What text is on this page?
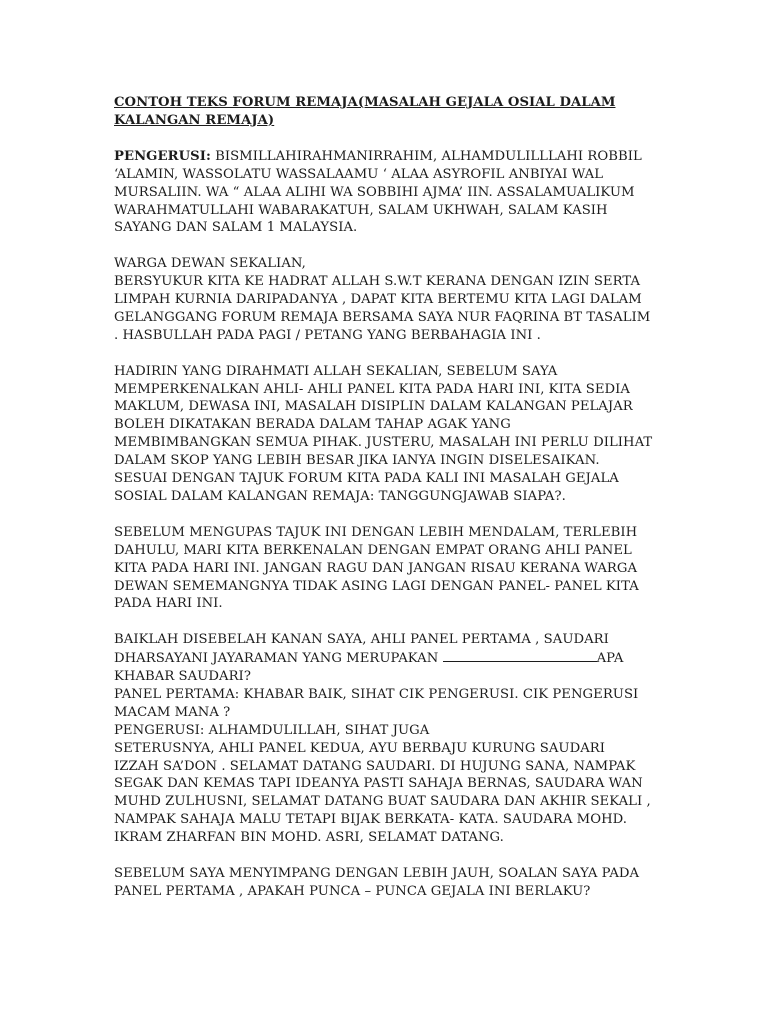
CONTOH TEKS FORUM REMAJA(MASALAH GEJALA OSIAL DALAM
KALANGAN REMAJA)
PENGERUSI: BISMILLAHIRAHMANIRRAHIM, ALHAMDULILLLAHI ROBBIL
‘ALAMIN, WASSOLATU WASSALAAMU ‘ ALAA ASYROFIL ANBIYAI WAL
MURSALIIN. WA “ ALAA ALIHI WA SOBBIHI AJMA’ IIN. ASSALAMUALIKUM
WARAHMATULLAHI WABARAKATUH, SALAM UKHWAH, SALAM KASIH
SAYANG DAN SALAM 1 MALAYSIA.
WARGA DEWAN SEKALIAN,
BERSYUKUR KITA KE HADRAT ALLAH S.W.T KERANA DENGAN IZIN SERTA
LIMPAH KURNIA DARIPADANYA , DAPAT KITA BERTEMU KITA LAGI DALAM
GELANGGANG FORUM REMAJA BERSAMA SAYA NUR FAQRINA BT TASALIM
. HASBULLAH PADA PAGI / PETANG YANG BERBAHAGIA INI .
HADIRIN YANG DIRAHMATI ALLAH SEKALIAN, SEBELUM SAYA
MEMPERKENALKAN AHLI- AHLI PANEL KITA PADA HARI INI, KITA SEDIA
MAKLUM, DEWASA INI, MASALAH DISIPLIN DALAM KALANGAN PELAJAR
BOLEH DIKATAKAN BERADA DALAM TAHAP AGAK YANG
MEMBIMBANGKAN SEMUA PIHAK. JUSTERU, MASALAH INI PERLU DILIHAT
DALAM SKOP YANG LEBIH BESAR JIKA IANYA INGIN DISELESAIKAN.
SESUAI DENGAN TAJUK FORUM KITA PADA KALI INI MASALAH GEJALA
SOSIAL DALAM KALANGAN REMAJA: TANGGUNGJAWAB SIAPA?.
SEBELUM MENGUPAS TAJUK INI DENGAN LEBIH MENDALAM, TERLEBIH
DAHULU, MARI KITA BERKENALAN DENGAN EMPAT ORANG AHLI PANEL
KITA PADA HARI INI. JANGAN RAGU DAN JANGAN RISAU KERANA WARGA
DEWAN SEMEMANGNYA TIDAK ASING LAGI DENGAN PANEL- PANEL KITA
PADA HARI INI.
BAIKLAH DISEBELAH KANAN SAYA, AHLI PANEL PERTAMA , SAUDARI
DHARSAYANI JAYARAMAN YANG MERUPAKAN	APA
KHABAR SAUDARI?
PANEL PERTAMA: KHABAR BAIK, SIHAT CIK PENGERUSI. CIK PENGERUSI
MACAM MANA ?
PENGERUSI: ALHAMDULILLAH, SIHAT JUGA
SETERUSNYA, AHLI PANEL KEDUA, AYU BERBAJU KURUNG SAUDARI
IZZAH SA’DON . SELAMAT DATANG SAUDARI. DI HUJUNG SANA, NAMPAK
SEGAK DAN KEMAS TAPI IDEANYA PASTI SAHAJA BERNAS, SAUDARA WAN
MUHD ZULHUSNI, SELAMAT DATANG BUAT SAUDARA DAN AKHIR SEKALI ,
NAMPAK SAHAJA MALU TETAPI BIJAK BERKATA- KATA. SAUDARA MOHD.
IKRAM ZHARFAN BIN MOHD. ASRI, SELAMAT DATANG.
SEBELUM SAYA MENYIMPANG DENGAN LEBIH JAUH, SOALAN SAYA PADA
PANEL PERTAMA , APAKAH PUNCA – PUNCA GEJALA INI BERLAKU?
